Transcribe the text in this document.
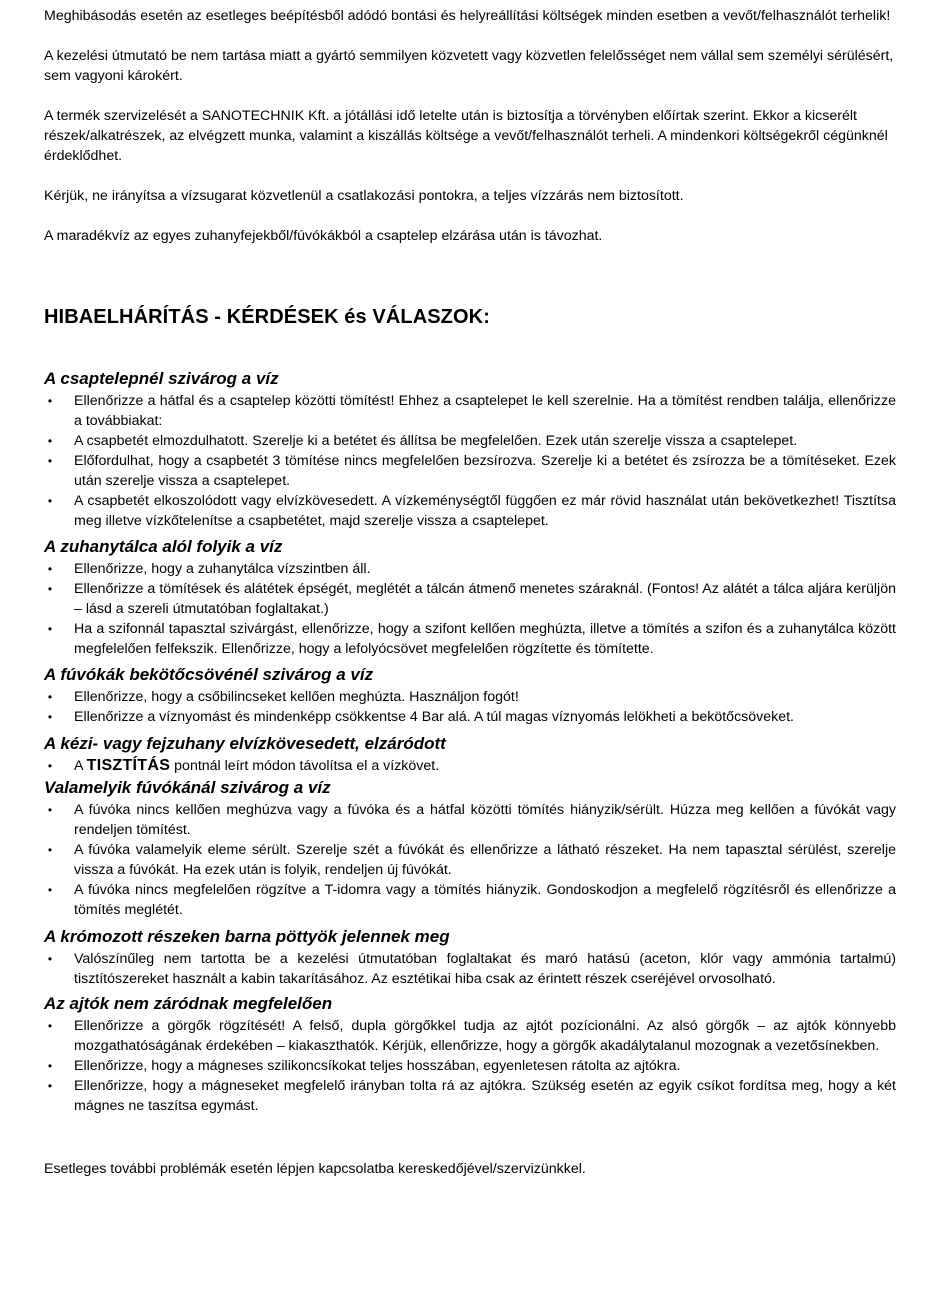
Meghibásodás esetén az esetleges beépítésből adódó bontási és helyreállítási költségek minden esetben a vevőt/felhasználót terhelik!

A kezelési útmutató be nem tartása miatt a gyártó semmilyen közvetett vagy közvetlen felelősséget nem vállal sem személyi sérülésért, sem vagyoni károkért.

A termék szervizelését a SANOTECHNIK Kft. a jótállási idő letelte után is biztosítja a törvényben előírtak szerint. Ekkor a kicserélt részek/alkatrészek, az elvégzett munka, valamint a kiszállás költsége a vevőt/felhasználót terheli. A mindenkori költségekről cégünknél érdeklődhet.

Kérjük, ne irányítsa a vízsugarat közvetlenül a csatlakozási pontokra, a teljes vízzárás nem biztosított.

A maradékvíz az egyes zuhanyfejekből/fúvókákból a csaptelep elzárása után is távozhat.

HIBAELHÁRÍTÁS - KÉRDÉSEK és VÁLASZOK:
A csaptelepnél szivárog a víz
• Ellenőrizze a hátfal és a csaptelep közötti tömítést! Ehhez a csaptelepet le kell szerelnie. Ha a tömítést rendben találja, ellenőrizze a továbbiakat:
• A csapbetét elmozdulhatott. Szerelje ki a betétet és állítsa be megfelelően. Ezek után szerelje vissza a csaptelepet.
• Előfordulhat, hogy a csapbetét 3 tömítése nincs megfelelően bezsírozva. Szerelje ki a betétet és zsírozza be a tömítéseket. Ezek után szerelje vissza a csaptelepet.
• A csapbetét elkoszolódott vagy elvízkövesedett. A vízkeménységtől függően ez már rövid használat után bekövetkezhet! Tisztítsa meg illetve vízkőtelenítse a csapbetétet, majd szerelje vissza a csaptelepet.
A zuhanytálca alól folyik a víz
• Ellenőrizze, hogy a zuhanytálca vízszintben áll.
• Ellenőrizze a tömítések és alátétek épségét, meglétét a tálcán átmenő menetes száraknál. (Fontos! Az alátét a tálca aljára kerüljön – lásd a szereli útmutatóban foglaltakat.)
• Ha a szifonnál tapasztal szivárgást, ellenőrizze, hogy a szifont kellően meghúzta, illetve a tömítés a szifon és a zuhanytálca között megfelelően felfekszik. Ellenőrizze, hogy a lefolyócsövet megfelelően rögzítette és tömítette.
A fúvókák bekötőcsövénél szivárog a víz
• Ellenőrizze, hogy a csőbilincseket kellően meghúzta. Használjon fogót!
• Ellenőrizze a víznyomást és mindenképp csökkentse 4 Bar alá. A túl magas víznyomás lelökheti a bekötőcsöveket.
A kézi- vagy fejzuhany elvízkövesedett, elzáródott
• A TISZTÍTÁS pontnál leírt módon távolítsa el a vízkövet.
Valamelyik fúvókánál szivárog a víz
• A fúvóka nincs kellően meghúzva vagy a fúvóka és a hátfal közötti tömítés hiányzik/sérült. Húzza meg kellően a fúvókát vagy rendeljen tömítést.
• A fúvóka valamelyik eleme sérült. Szerelje szét a fúvókát és ellenőrizze a látható részeket. Ha nem tapasztal sérülést, szerelje vissza a fúvókát. Ha ezek után is folyik, rendeljen új fúvókát.
• A fúvóka nincs megfelelően rögzítve a T-idomra vagy a tömítés hiányzik. Gondoskodjon a megfelelő rögzítésről és ellenőrizze a tömítés meglétét.
A krómozott részeken barna pöttyök jelennek meg
• Valószínűleg nem tartotta be a kezelési útmutatóban foglaltakat és maró hatású (aceton, klór vagy ammónia tartalmú) tisztítószereket használt a kabin takarításához. Az esztétikai hiba csak az érintett részek cseréjével orvosolható.
Az ajtók nem záródnak megfelelően
• Ellenőrizze a görgők rögzítését! A felső, dupla görgőkkel tudja az ajtót pozícionálni. Az alsó görgők – az ajtók könnyebb mozgathatóságának érdekében – kiakaszthatók. Kérjük, ellenőrizze, hogy a görgők akadálytalanul mozognak a vezetősínekben.
• Ellenőrizze, hogy a mágneses szilikoncsíkokat teljes hosszában, egyenletesen rátolta az ajtókra.
• Ellenőrizze, hogy a mágneseket megfelelő irányban tolta rá az ajtókra. Szükség esetén az egyik csíkot fordítsa meg, hogy a két mágnes ne taszítsa egymást.

Esetleges további problémák esetén lépjen kapcsolatba kereskedőjével/szervizünkkel.
